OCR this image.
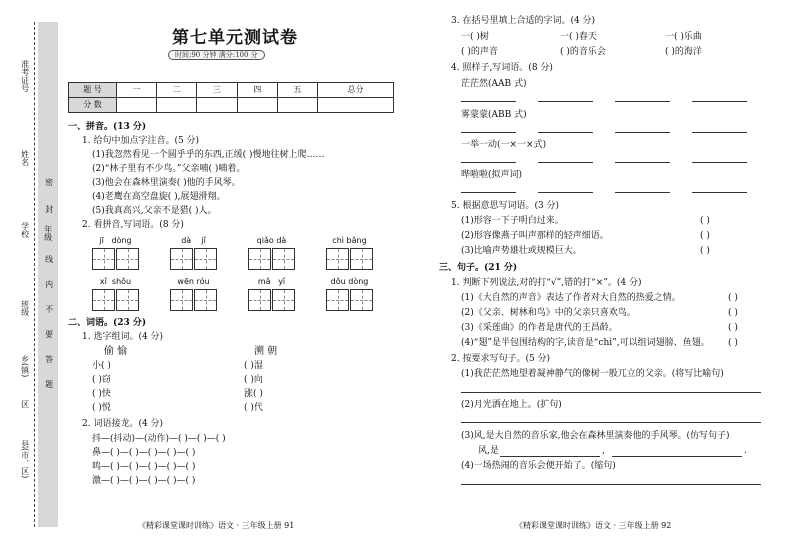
准考证号
姓名
学校 年级
班级
乡(镇)
区
县(市、区)
密
封
线
内
不
要
答
题
第七单元测试卷
时间:90 分钟 满分:100 分
题 号	一	二	三	四	五	总分
分 数						
一、拼音。(13 分)
1. 给句中加点字注音。(5 分)
(1)我忽然看见一个圆乎乎的东西,正缓( )慢地往树上爬……
(2)“林子里有不少鸟。”父亲喃( )喃着。
(3)他会在森林里演奏( )他的手风琴。
(4)老鹰在高空盘旋( ),展翅滑翔。
(5)我真高兴,父亲不是猎( )人。
2. 看拼音,写词语。(8 分)
jī dòng	dà jǐ	qiǎo dà	chì bǎng
xǐ shǒu	wēn róu	mǎ yǐ	dǒu dòng
二、词语。(23 分)
1. 选字组词。(4 分)
偷 愉	溯 朝
小( )
( )窃
( )快
( )悦
( )湿
( )向
涨( )
( )代
2. 词语接龙。(4 分)
抖—(抖动)—(动作)—( )—( )—( )
鼻—( )—( )—( )—( )—( )
鸣—( )—( )—( )—( )—( )
激—( )—( )—( )—( )—( )
《精彩课堂课时训练》语文 · 三年级上册 91
3. 在括号里填上合适的字词。(4 分)
一( )树	一( )春天	一( )乐曲
( )的声音	( )的音乐会	( )的海洋
4. 照样子,写词语。(8 分)
茫茫然(AAB 式)
雾蒙蒙(ABB 式)
一举一动(一×一×式)
哗啦啦(拟声词)
5. 根据意思写词语。(3 分)
(1)形容一下子明白过来。	( )
(2)形容像燕子叫声那样的轻声细语。	( )
(3)比喻声势雄壮或规模巨大。	( )
三、句子。(21 分)
1. 判断下列说法,对的打“√”,错的打“×”。(4 分)
(1)《大自然的声音》表达了作者对大自然的热爱之情。	( )
(2)《父亲、树林和鸟》中的父亲只喜欢鸟。	( )
(3)《采莲曲》的作者是唐代的王昌龄。	( )
(4)“翅”是半包围结构的字,读音是“chì”,可以组词翅膀、鱼翅。 ( )
2. 按要求写句子。(5 分)
(1)我茫茫然地望着凝神静气的像树一般兀立的父亲。(将写比喻句)
(2)月光洒在地上。(扩句)
(3)风,是大自然的音乐家,他会在森林里演奏他的手风琴。(仿写句子)
风,是	,	.
(4)一场热闹的音乐会便开始了。(缩句)
《精彩课堂课时训练》语文 · 三年级上册 92
